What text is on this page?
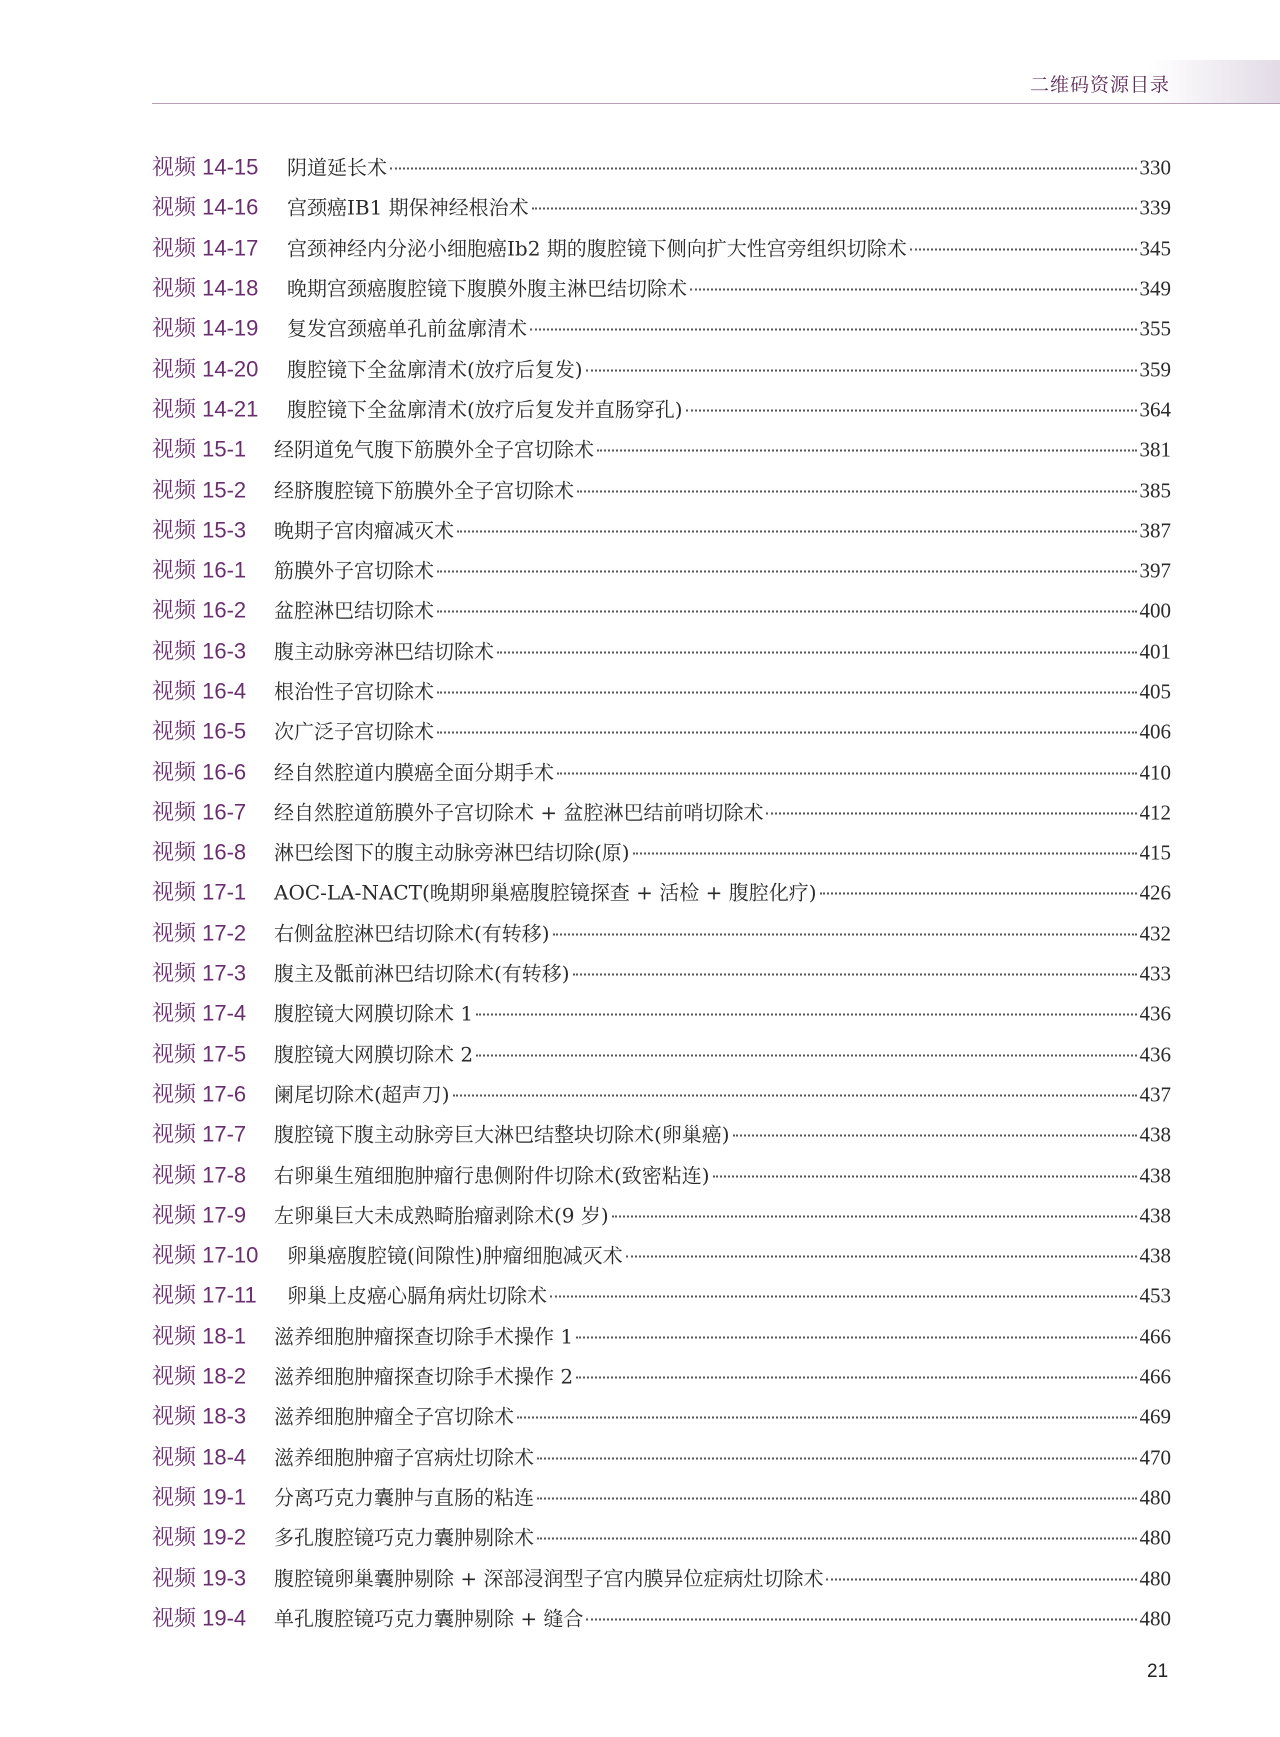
二维码资源目录
视频 14-15 阴道延长术	330
视频 14-16 宫颈癌ⅠB1 期保神经根治术	339
视频 14-17 宫颈神经内分泌小细胞癌Ⅰb2 期的腹腔镜下侧向扩大性宫旁组织切除术	345
视频 14-18 晚期宫颈癌腹腔镜下腹膜外腹主淋巴结切除术	349
视频 14-19 复发宫颈癌单孔前盆廓清术	355
视频 14-20 腹腔镜下全盆廓清术(放疗后复发)	359
视频 14-21 腹腔镜下全盆廓清术(放疗后复发并直肠穿孔)	364
视频 15-1 经阴道免气腹下筋膜外全子宫切除术	381
视频 15-2 经脐腹腔镜下筋膜外全子宫切除术	385
视频 15-3 晚期子宫肉瘤减灭术	387
视频 16-1 筋膜外子宫切除术	397
视频 16-2 盆腔淋巴结切除术	400
视频 16-3 腹主动脉旁淋巴结切除术	401
视频 16-4 根治性子宫切除术	405
视频 16-5 次广泛子宫切除术	406
视频 16-6 经自然腔道内膜癌全面分期手术	410
视频 16-7 经自然腔道筋膜外子宫切除术 + 盆腔淋巴结前哨切除术	412
视频 16-8 淋巴绘图下的腹主动脉旁淋巴结切除(原)	415
视频 17-1 AOC-LA-NACT(晚期卵巢癌腹腔镜探查 + 活检 + 腹腔化疗)	426
视频 17-2 右侧盆腔淋巴结切除术(有转移)	432
视频 17-3 腹主及骶前淋巴结切除术(有转移)	433
视频 17-4 腹腔镜大网膜切除术 1	436
视频 17-5 腹腔镜大网膜切除术 2	436
视频 17-6 阑尾切除术(超声刀)	437
视频 17-7 腹腔镜下腹主动脉旁巨大淋巴结整块切除术(卵巢癌)	438
视频 17-8 右卵巢生殖细胞肿瘤行患侧附件切除术(致密粘连)	438
视频 17-9 左卵巢巨大未成熟畸胎瘤剥除术(9 岁)	438
视频 17-10 卵巢癌腹腔镜(间隙性)肿瘤细胞减灭术	438
视频 17-11 卵巢上皮癌心膈角病灶切除术	453
视频 18-1 滋养细胞肿瘤探查切除手术操作 1	466
视频 18-2 滋养细胞肿瘤探查切除手术操作 2	466
视频 18-3 滋养细胞肿瘤全子宫切除术	469
视频 18-4 滋养细胞肿瘤子宫病灶切除术	470
视频 19-1 分离巧克力囊肿与直肠的粘连	480
视频 19-2 多孔腹腔镜巧克力囊肿剔除术	480
视频 19-3 腹腔镜卵巢囊肿剔除 + 深部浸润型子宫内膜异位症病灶切除术	480
视频 19-4 单孔腹腔镜巧克力囊肿剔除 + 缝合	480
21
